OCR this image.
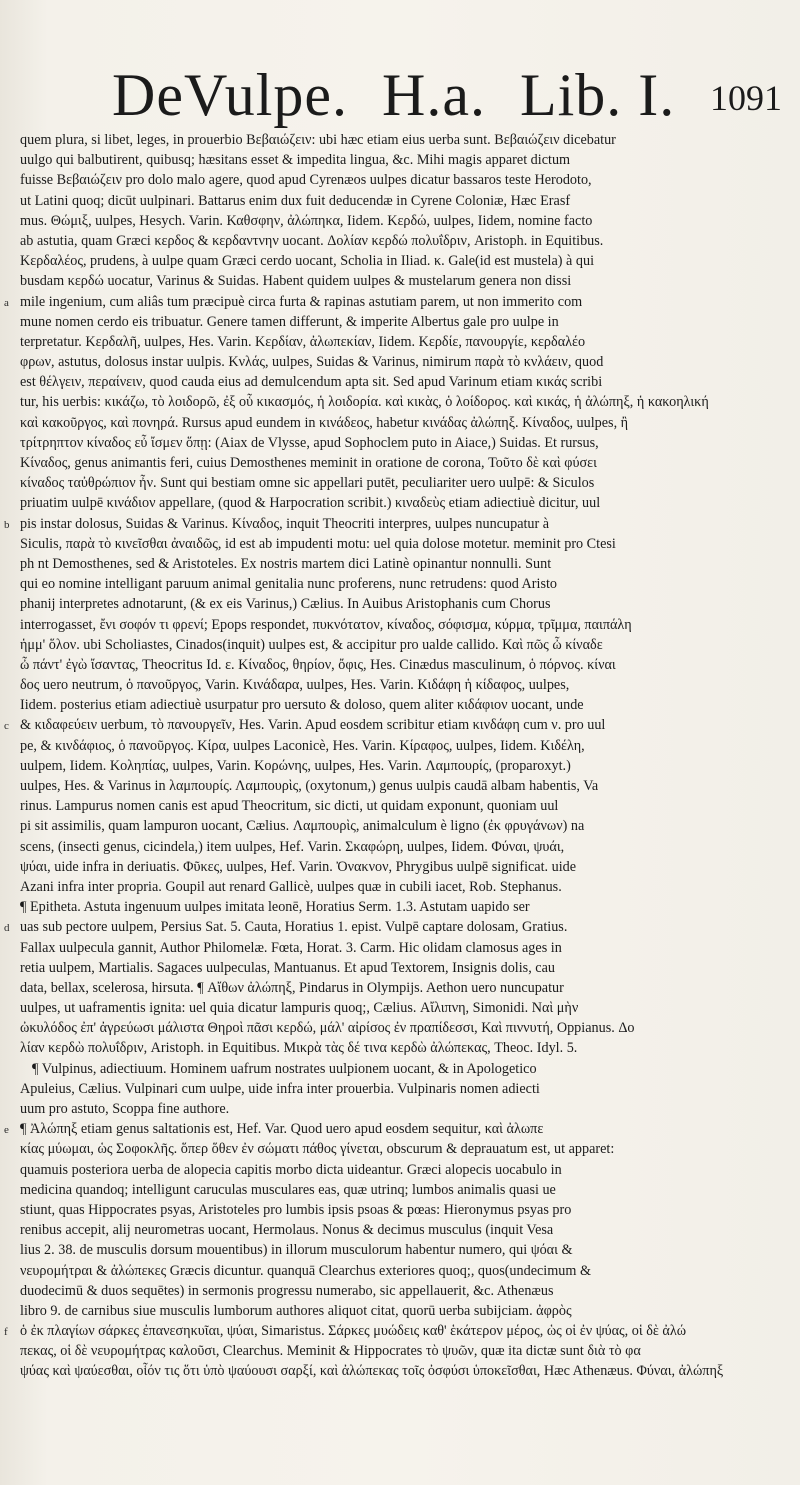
DeVulpe. H.a. Lib. I. 1091
quem plura, si libet, leges, in prouerbio Βεβαιώζειν: ubi hæc etiam eius uerba sunt. Βεβαιώζειν dicebatur
uulgo qui balbutirent, quibusq; hæsitans esset & impedita lingua, &c. Mihi magis apparet dictum
fuisse Βεβαιώζειν pro dolo malo agere, quod apud Cyrenæos uulpes dicatur bassaros teste Herodoto,
ut Latini quoq; dicūt uulpinari. Battarus enim dux fuit deducendæ in Cyrene Coloniæ, Hæc Erasf
mus. Θώμιξ, uulpes, Hesych. Varin. Καθσφην, ἀλώπηκα, Iidem. Κερδώ, uulpes, Iidem, nomine facto
ab astutia, quam Græci κερδος & κερδαντνην uocant. Δολίαν κερδώ πολυΐδριν, Aristoph. in Equitibus.
Κερδαλέος, prudens, à uulpe quam Græci cerdo uocant, Scholia in Iliad. κ. Gale(id est mustela) à qui
busdam κερδώ uocatur, Varinus & Suidas. Habent quidem uulpes & mustelarum genera non dissi
a mile ingenium, cum aliâs tum præcipuè circa furta & rapinas astutiam parem, ut non immerito com
mune nomen cerdo eis tribuatur. Genere tamen differunt, & imperite Albertus gale pro uulpe in
terpretatur. Κερδαλῆ, uulpes, Hes. Varin. Κερδίαν, ἀλωπεκίαν, Iidem. Κερδίε, πανουργίε, κερδαλέο
φρων, astutus, dolosus instar uulpis. Κνλάς, uulpes, Suidas & Varinus, nimirum παρὰ τὸ κνλάειν, quod
est θέλγειν, περαίνειν, quod cauda eius ad demulcendum apta sit. Sed apud Varinum etiam κικάς scribi
tur, his uerbis: κικάζω, τὸ λοιδορῶ, ἐξ οὗ κικασμός, ἡ λοιδορία. καὶ κικὰς, ὁ λοίδορος. καὶ κικάς, ἡ ἀλώπηξ, ἡ κακοηλική
καὶ κακοῦργος, καὶ πονηρά. Rursus apud eundem in κινάδεος, habetur κινάδας ἀλώπηξ. Κίναδος, uulpes, ἢ
τρίτρηπτον κίναδος εὖ ἴσμεν ὅπῃ: (Aiax de Vlysse, apud Sophoclem puto in Aiace,) Suidas. Et rursus,
Κίναδος, genus animantis feri, cuius Demosthenes meminit in oratione de corona, Τοῦτο δὲ καὶ φύσει
κίναδος ταὐθρώπιον ἦν. Sunt qui bestiam omne sic appellari putēt, peculiariter uero uulpē: & Siculos
priuatim uulpē κινάδιον appellare, (quod & Harpocration scribit.) κιναδεὺς etiam adiectiuè dicitur, uul
b pis instar dolosus, Suidas & Varinus. Κίναδος, inquit Theocriti interpres, uulpes nuncupatur à
Siculis, παρὰ τὸ κινεῖσθαι ἀναιδῶς, id est ab impudenti motu: uel quia dolose motetur. meminit pro Ctesi
ph nt Demosthenes, sed & Aristoteles. Ex nostris martem dici Latinè opinantur nonnulli. Sunt
qui eo nomine intelligant paruum animal genitalia nunc proferens, nunc retrudens: quod Aristo
phanij interpretes adnotarunt, (& ex eis Varinus,) Cælius. In Auibus Aristophanis cum Chorus
interrogasset, ἔνι σοφόν τι φρενί; Epops respondet, πυκνότατον, κίναδος, σόφισμα, κύρμα, τρῖμμα, παιπάλη
ἡμμ' ὅλον. ubi Scholiastes, Cinados(inquit) uulpes est, & accipitur pro ualde callido. Καὶ πῶς ὦ κίναδε
ὦ πάντ' ἐγὼ ἴσαντας, Theocritus Id. ε. Κίναδος, θηρίον, ὄφις, Hes. Cinædus masculinum, ὁ πόρνος. κίναι
δος uero neutrum, ὁ πανοῦργος, Varin. Κινάδαρα, uulpes, Hes. Varin. Κιδάφη ἡ κίδαφος, uulpes,
Iidem. posterius etiam adiectiuè usurpatur pro uersuto & doloso, quem aliter κιδάφιον uocant, unde
c & κιδαφεύειν uerbum, τὸ πανουργεῖν, Hes. Varin. Apud eosdem scribitur etiam κινδάφη cum ν. pro uul
pe, & κινδάφιος, ὁ πανοῦργος. Κίρα, uulpes Laconicè, Hes. Varin. Κίραφος, uulpes, Iidem. Κιδέλη,
uulpem, Iidem. Κοληπίας, uulpes, Varin. Κορώνης, uulpes, Hes. Varin. Λαμπουρίς, (proparoxyt.)
uulpes, Hes. & Varinus in λαμπουρίς. Λαμπουρὶς, (oxytonum,) genus uulpis caudā albam habentis, Va
rinus. Lampurus nomen canis est apud Theocritum, sic dicti, ut quidam exponunt, quoniam uul
pi sit assimilis, quam lampuron uocant, Cælius. Λαμπουρὶς, animalculum è ligno (ἐκ φρυγάνων) na
scens, (insecti genus, cicindela,) item uulpes, Hef. Varin. Σκαφώρη, uulpes, Iidem. Φύναι, ψυάι,
ψύαι, uide infra in deriuatis. Φῦκες, uulpes, Hef. Varin. Ὀνακνον, Phrygibus uulpē significat. uide
Azani infra inter propria. Goupil aut renard Gallicè, uulpes quæ in cubili iacet, Rob. Stephanus.
¶ Epitheta. Astuta ingenuum uulpes imitata leonē, Horatius Serm. 1.3. Astutam uapido ser
d uas sub pectore uulpem, Persius Sat. 5. Cauta, Horatius 1. epist. Vulpē captare dolosam, Gratius.
Fallax uulpecula gannit, Author Philomelæ. Fœta, Horat. 3. Carm. Hic olidam clamosus ages in
retia uulpem, Martialis. Sagaces uulpeculas, Mantuanus. Et apud Textorem, Insignis dolis, cau
data, bellax, scelerosa, hirsuta. ¶ Αἴθων ἀλώπηξ, Pindarus in Olympijs. Aethon uero nuncupatur
uulpes, ut uaframentis ignita: uel quia dicatur lampuris quoq;, Cælius. Αἴλιπνη, Simonidi. Ναὶ μὴν
ὠκυλόδος ἐπ' ἀγρεύωσι μάλιστα Θηροὶ πᾶσι κερδώ, μάλ' αἰρίσος ἐν πραπίδεσσι, Καὶ πιννυτή, Oppianus. Δο
λίαν κερδὼ πολυΐδριν, Aristoph. in Equitibus. Μικρὰ τὰς δέ τινα κερδὼ ἀλώπεκας, Theoc. Idyl. 5.
¶ Vulpinus, adiectiuum. Hominem uafrum nostrates uulpionem uocant, & in Apologetico
Apuleius, Cælius. Vulpinari cum uulpe, uide infra inter prouerbia. Vulpinaris nomen adiecti
uum pro astuto, Scoppa fine authore.
e ¶ Ἀλώπηξ etiam genus saltationis est, Hef. Var. Quod uero apud eosdem sequitur, καὶ ἀλωπε
κίας μύωμαι, ὡς Σοφοκλῆς. ὅπερ ὅθεν ἐν σώματι πάθος γίνεται, obscurum & deprauatum est, ut apparet:
quamuis posteriora uerba de alopecia capitis morbo dicta uideantur. Græci alopecis uocabulo in
medicina quandoq; intelligunt caruculas musculares eas, quæ utrinq; lumbos animalis quasi ue
stiunt, quas Hippocrates psyas, Aristoteles pro lumbis ipsis psoas & pœas: Hieronymus psyas pro
renibus accepit, alij neurometras uocant, Hermolaus. Nonus & decimus musculus (inquit Vesa
lius 2. 38. de musculis dorsum mouentibus) in illorum musculorum habentur numero, qui ψόαι &
νευρομήτραι & ἀλώπεκες Græcis dicuntur. quanquā Clearchus exteriores quoq;, quos(undecimum &
duodecimū & duos sequētes) in sermonis progressu numerabo, sic appellauerit, &c. Athenæus
libro 9. de carnibus siue musculis lumborum authores aliquot citat, quorū uerba subijciam. ἀφρὸς
f ὁ ἐκ πλαγίων σάρκες ἐπανεσηκυῖαι, ψύαι, Simaristus. Σάρκες μυώδεις καθ' ἑκάτερον μέρος, ὡς οἱ ἐν ψύας, οἱ δὲ ἀλώ
πεκας, οἱ δὲ νευρομήτρας καλοῦσι, Clearchus. Meminit & Hippocrates τὸ ψυῶν, quæ ita dictæ sunt διὰ τὸ φα
ψύας καὶ ψαύεσθαι, οἷόν τις ὅτι ὑπὸ ψαύουσι σαρξί, καὶ ἀλώπεκας τοῖς ὀσφύσι ὑποκεῖσθαι, Hæc Athenæus. Φύναι, ἀλώπηξ
